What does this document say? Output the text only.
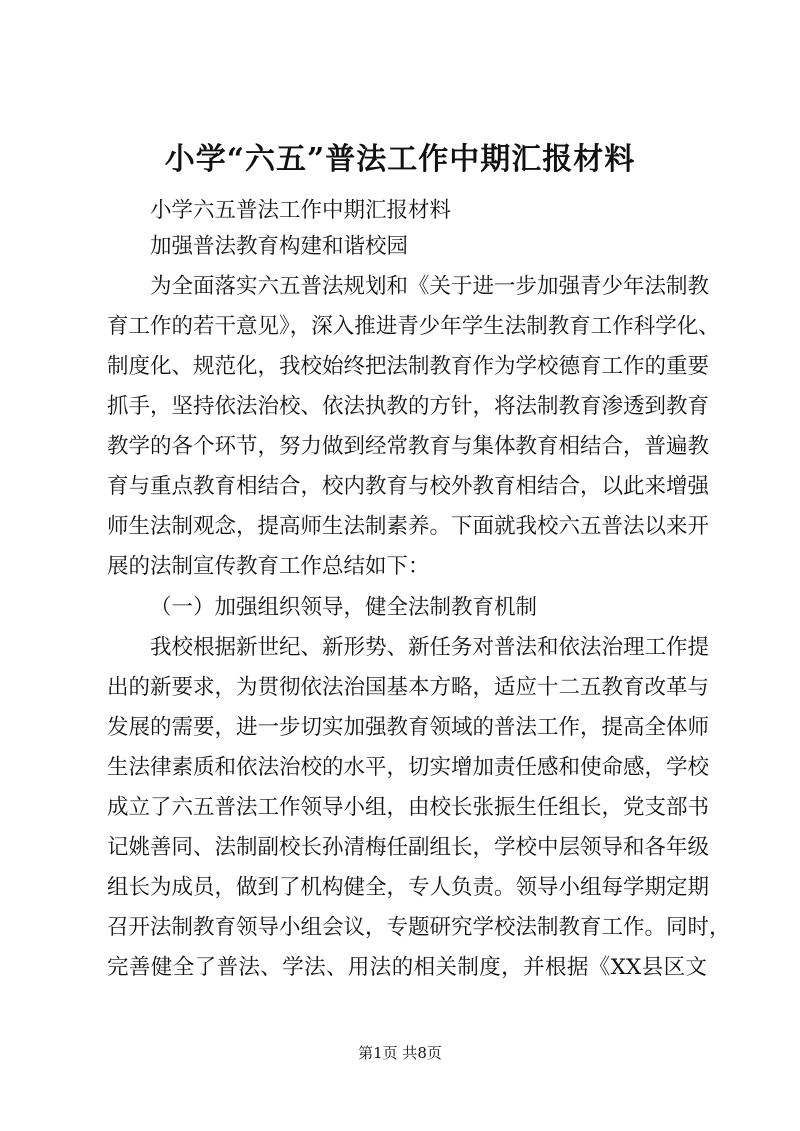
小学“六五”普法工作中期汇报材料
小学六五普法工作中期汇报材料
加强普法教育构建和谐校园
为全面落实六五普法规划和《关于进一步加强青少年法制教
育工作的若干意见》，深入推进青少年学生法制教育工作科学化、
制度化、规范化，我校始终把法制教育作为学校德育工作的重要
抓手，坚持依法治校、依法执教的方针，将法制教育渗透到教育
教学的各个环节，努力做到经常教育与集体教育相结合，普遍教
育与重点教育相结合，校内教育与校外教育相结合，以此来增强
师生法制观念，提高师生法制素养。下面就我校六五普法以来开
展的法制宣传教育工作总结如下：
（一）加强组织领导，健全法制教育机制
我校根据新世纪、新形势、新任务对普法和依法治理工作提
出的新要求，为贯彻依法治国基本方略，适应十二五教育改革与
发展的需要，进一步切实加强教育领域的普法工作，提高全体师
生法律素质和依法治校的水平，切实增加责任感和使命感，学校
成立了六五普法工作领导小组，由校长张振生任组长，党支部书
记姚善同、法制副校长孙清梅任副组长，学校中层领导和各年级
组长为成员，做到了机构健全，专人负责。领导小组每学期定期
召开法制教育领导小组会议，专题研究学校法制教育工作。同时，
完善健全了普法、学法、用法的相关制度，并根据《XX县区文
第1页 共8页
